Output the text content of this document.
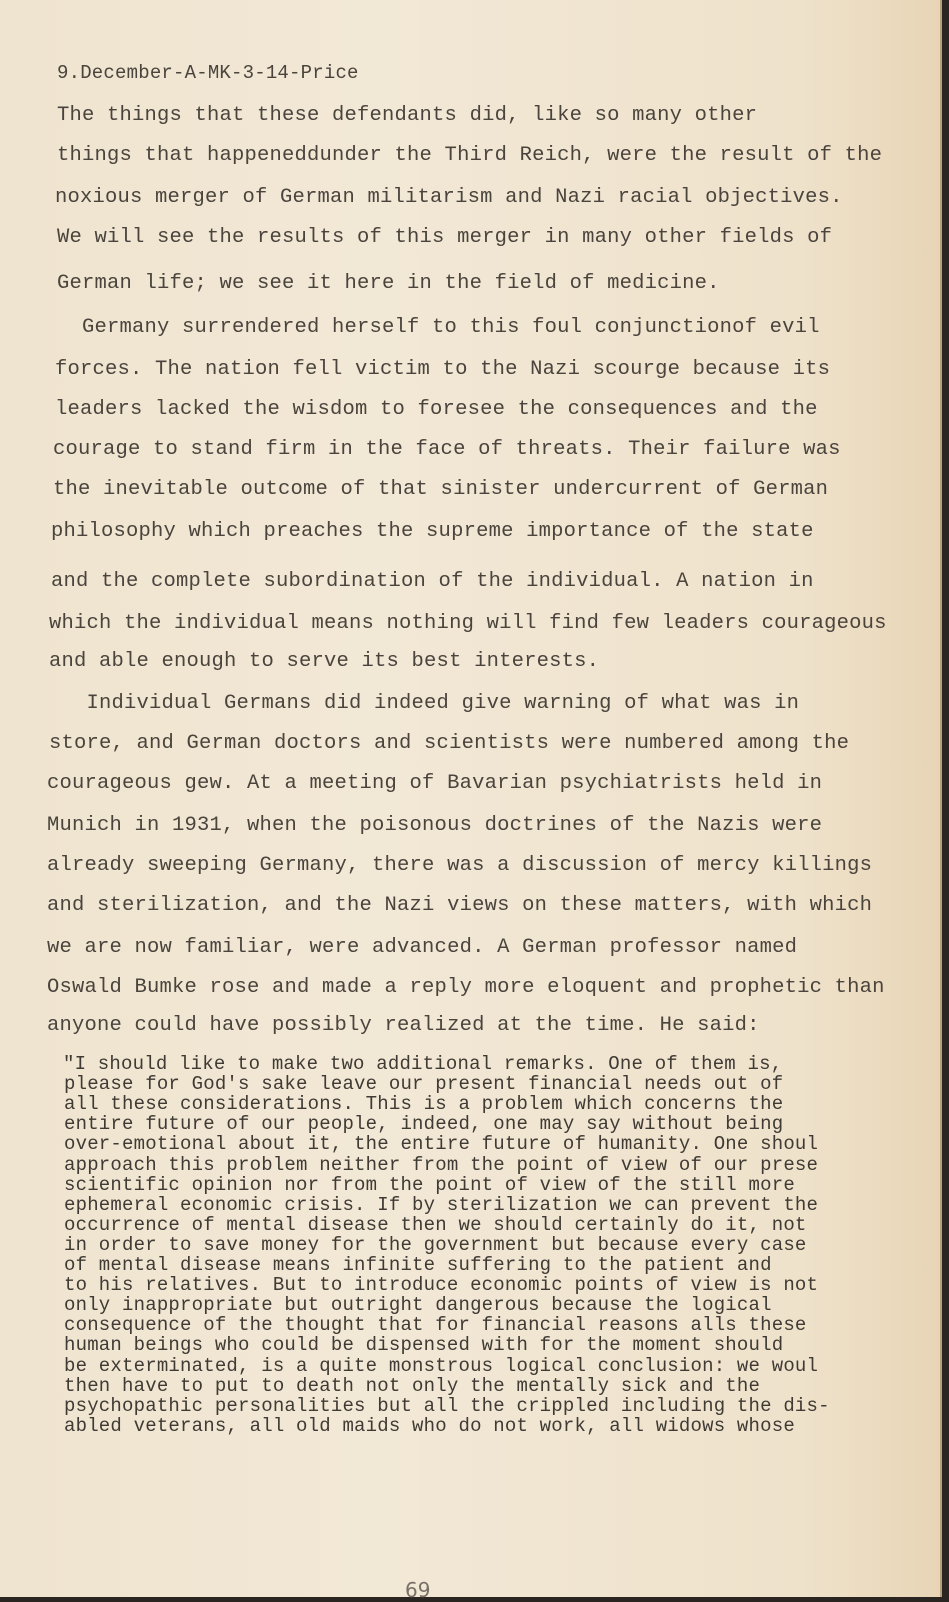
9.December-A-MK-3-14-Price
The things that these defendants did, like so many other
things that happeneddunder the Third Reich, were the result of the
noxious merger of German militarism and Nazi racial objectives.
We will see the results of this merger in many other fields of
German life; we see it here in the field of medicine.
Germany surrendered herself to this foul conjunctionof evil
forces. The nation fell victim to the Nazi scourge because its
leaders lacked the wisdom to foresee the consequences and the
courage to stand firm in the face of threats. Their failure was
the inevitable outcome of that sinister undercurrent of German
philosophy which preaches the supreme importance of the state
and the complete subordination of the individual. A nation in
which the individual means nothing will find few leaders courageous
and able enough to serve its best interests.
Individual Germans did indeed give warning of what was in
store, and German doctors and scientists were numbered among the
courageous gew. At a meeting of Bavarian psychiatrists held in
Munich in 1931, when the poisonous doctrines of the Nazis were
already sweeping Germany, there was a discussion of mercy killings
and sterilization, and the Nazi views on these matters, with which
we are now familiar, were advanced. A German professor named
Oswald Bumke rose and made a reply more eloquent and prophetic than
anyone could have possibly realized at the time. He said:
"I should like to make two additional remarks. One of them is,
please for God's sake leave our present financial needs out of
all these considerations. This is a problem which concerns the
entire future of our people, indeed, one may say without being
over-emotional about it, the entire future of humanity. One shoul
approach this problem neither from the point of view of our prese
scientific opinion nor from the point of view of the still more
ephemeral economic crisis. If by sterilization we can prevent the
occurrence of mental disease then we should certainly do it, not
in order to save money for the government but because every case
of mental disease means infinite suffering to the patient and
to his relatives. But to introduce economic points of view is not
only inappropriate but outright dangerous because the logical
consequence of the thought that for financial reasons alls these
human beings who could be dispensed with for the moment should
be exterminated, is a quite monstrous logical conclusion: we woul
then have to put to death not only the mentally sick and the
psychopathic personalities but all the crippled including the dis-
abled veterans, all old maids who do not work, all widows whose
69
